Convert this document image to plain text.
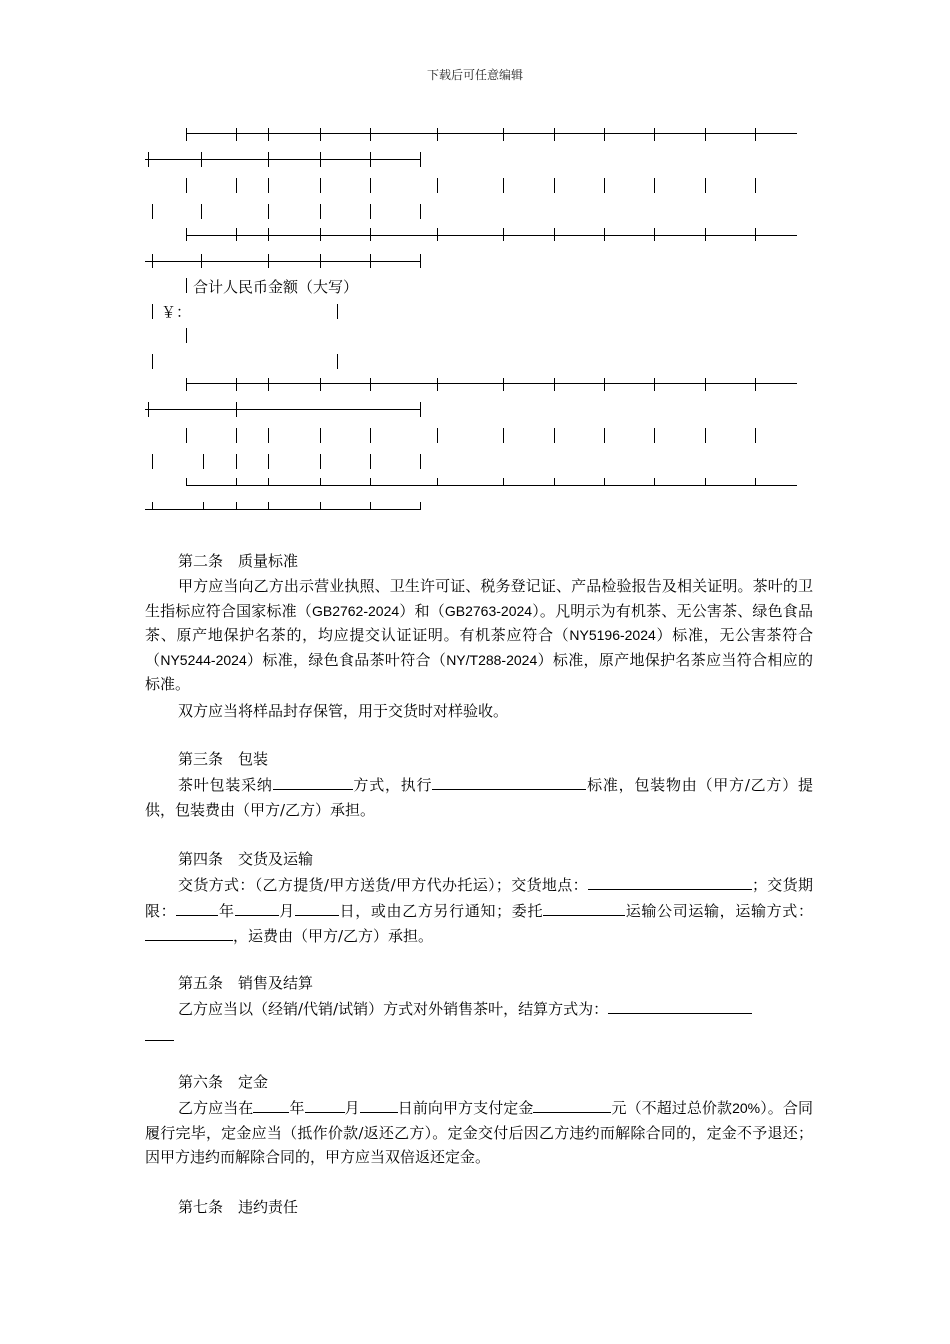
下载后可任意编辑
合计人民币金额（大写）
￥：
第二条　质量标准
甲方应当向乙方出示营业执照、卫生许可证、税务登记证、产品检验报告及相关证明。茶叶的卫生指标应符合国家标准（GB2762-2024）和（GB2763-2024）。凡明示为有机茶、无公害茶、绿色食品茶、原产地保护名茶的，均应提交认证证明。有机茶应符合（NY5196-2024）标准，无公害茶符合（NY5244-2024）标准，绿色食品茶叶符合（NY/T288-2024）标准，原产地保护名茶应当符合相应的标准。
双方应当将样品封存保管，用于交货时对样验收。
第三条　包装
茶叶包装采纳	方式，执行	标准，包装物由（甲方/乙方）提供，包装费由（甲方/乙方）承担。
第四条　交货及运输
交货方式：（乙方提货/甲方送货/甲方代办托运）；交货地点：	；交货期限：	年	月	日，或由乙方另行通知；委托	运输公司运输，运输方式：，运费由（甲方/乙方）承担。
第五条　销售及结算
乙方应当以（经销/代销/试销）方式对外销售茶叶，结算方式为：
第六条　定金
乙方应当在 年	月	日前向甲方支付定金	元（不超过总价款20%）。合同履行完毕，定金应当（抵作价款/返还乙方）。定金交付后因乙方违约而解除合同的，定金不予退还；因甲方违约而解除合同的，甲方应当双倍返还定金。
第七条　违约责任
